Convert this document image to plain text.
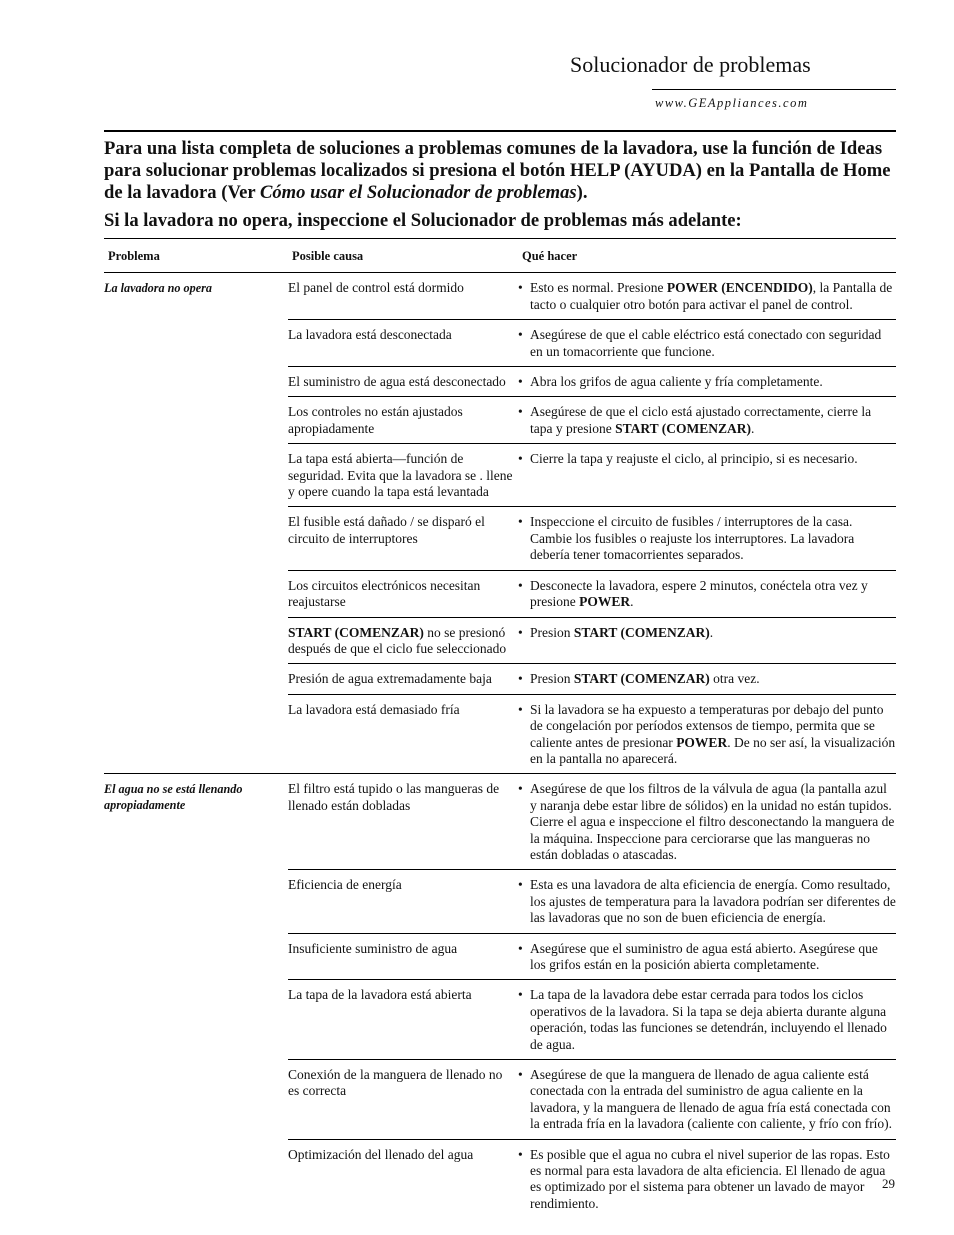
Solucionador de problemas
www.GEAppliances.com

Para una lista completa de soluciones a problemas comunes de la lavadora, use la función de Ideas para solucionar problemas localizados si presiona el botón HELP (AYUDA) en la Pantalla de Home de la lavadora (Ver Cómo usar el Solucionador de problemas).

Si la lavadora no opera, inspeccione el Solucionador de problemas más adelante:

Problema	Posible causa	Qué hacer
La lavadora no opera	El panel de control está dormido	• Esto es normal. Presione POWER (ENCENDIDO), la Pantalla de tacto o cualquier otro botón para activar el panel de control.

	La lavadora está desconectada	• Asegúrese de que el cable eléctrico está conectado con seguridad en un tomacorriente que funcione.

	El suministro de agua está desconectado	• Abra los grifos de agua caliente y fría completamente.

	Los controles no están ajustados apropiadamente	• Asegúrese de que el ciclo está ajustado correctamente, cierre la tapa y presione START (COMENZAR).

	La tapa está abierta—función de seguridad. Evita que la lavadora se . llene y opere cuando la tapa está levantada	• Cierre la tapa y reajuste el ciclo, al principio, si es necesario.

	El fusible está dañado / se disparó el circuito de interruptores	• Inspeccione el circuito de fusibles / interruptores de la casa. Cambie los fusibles o reajuste los interruptores. La lavadora debería tener tomacorrientes separados.

	Los circuitos electrónicos necesitan reajustarse	• Desconecte la lavadora, espere 2 minutos, conéctela otra vez y presione POWER.

	START (COMENZAR) no se presionó después de que el ciclo fue seleccionado	• Presion START (COMENZAR).

	Presión de agua extremadamente baja	• Presion START (COMENZAR) otra vez.

	La lavadora está demasiado fría	• Si la lavadora se ha expuesto a temperaturas por debajo del punto de congelación por períodos extensos de tiempo, permita que se caliente antes de presionar POWER. De no ser así, la visualización en la pantalla no aparecerá.

El agua no se está llenando apropiadamente	El filtro está tupido o las mangueras de llenado están dobladas	• Asegúrese de que los filtros de la válvula de agua (la pantalla azul y naranja debe estar libre de sólidos) en la unidad no están tupidos. Cierre el agua e inspeccione el filtro desconectando la manguera de la máquina. Inspeccione para cerciorarse que las mangueras no están dobladas o atascadas.

	Eficiencia de energía	• Esta es una lavadora de alta eficiencia de energía. Como resultado, los ajustes de temperatura para la lavadora podrían ser diferentes de las lavadoras que no son de buen eficiencia de energía.

	Insuficiente suministro de agua	• Asegúrese que el suministro de agua está abierto. Asegúrese que los grifos están en la posición abierta completamente.

	La tapa de la lavadora está abierta	• La tapa de la lavadora debe estar cerrada para todos los ciclos operativos de la lavadora. Si la tapa se deja abierta durante alguna operación, todas las funciones se detendrán, incluyendo el llenado de agua.

	Conexión de la manguera de llenado no es correcta	• Asegúrese de que la manguera de llenado de agua caliente está conectada con la entrada del suministro de agua caliente en la lavadora, y la manguera de llenado de agua fría está conectada con la entrada fría en la lavadora (caliente con caliente, y frío con frío).

	Optimización del llenado del agua	• Es posible que el agua no cubra el nivel superior de las ropas. Esto es normal para esta lavadora de alta eficiencia. El llenado de agua es optimizado por el sistema para obtener un lavado de mayor rendimiento.
29
